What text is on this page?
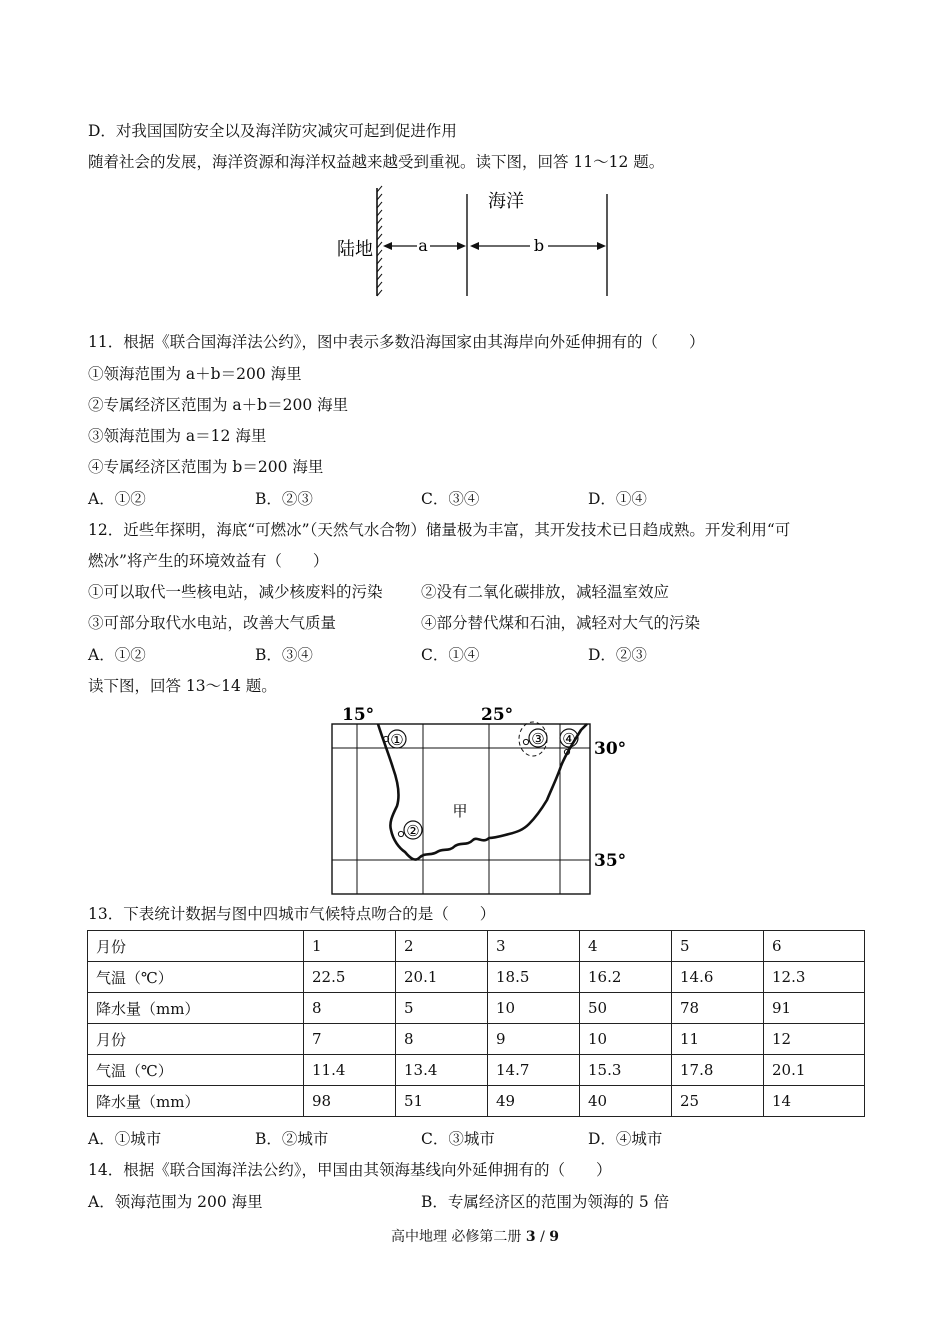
D．对我国国防安全以及海洋防灾减灾可起到促进作用
随着社会的发展，海洋资源和海洋权益越来越受到重视。读下图，回答 11～12 题。
a	b
海洋
陆地
11．根据《联合国海洋法公约》，图中表示多数沿海国家由其海岸向外延伸拥有的（　　）
①领海范围为 a＋b＝200 海里
②专属经济区范围为 a＋b＝200 海里
③领海范围为 a＝12 海里
④专属经济区范围为 b＝200 海里
A．①②	B．②③	C．③④	D．①④
12．近些年探明，海底“可燃冰”（天然气水合物）储量极为丰富，其开发技术已日趋成熟。开发利用“可
燃冰”将产生的环境效益有（　　）
①可以取代一些核电站，减少核废料的污染 ②没有二氧化碳排放，减轻温室效应
③可部分取代水电站，改善大气质量	④部分替代煤和石油，减轻对大气的污染
A．①②	B．③④	C．①④	D．②③
读下图，回答 13～14 题。
①
②
③ ④
甲
15°	25°
30°
35°
13．下表统计数据与图中四城市气候特点吻合的是（　　）
月份	1	2	3	4	5	6
气温（℃）	22.5	20.1	18.5	16.2	14.6	12.3
降水量（mm）	8	5	10	50	78	91
月份	7	8	9	10	11	12
气温（℃）	11.4	13.4	14.7	15.3	17.8	20.1
降水量（mm）	98	51	49	40	25	14
A．①城市	B．②城市	C．③城市	D．④城市
14．根据《联合国海洋法公约》，甲国由其领海基线向外延伸拥有的（　　）
A．领海范围为 200 海里	B．专属经济区的范围为领海的 5 倍
高中地理 必修第二册 3 / 9
